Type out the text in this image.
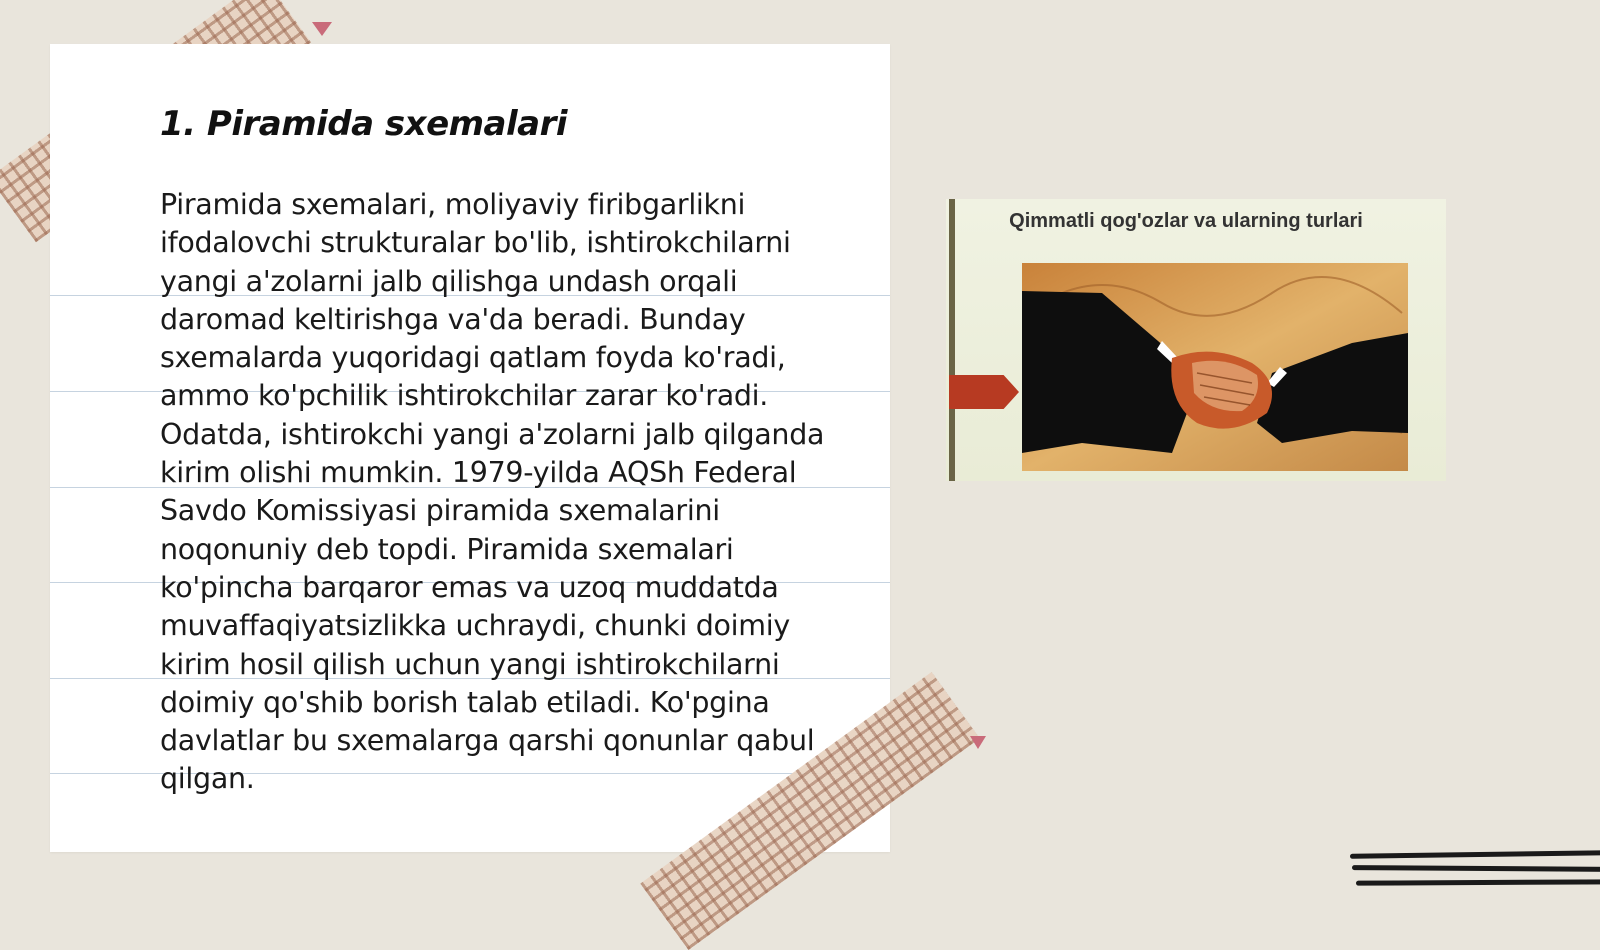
1. Piramida sxemalari

Piramida sxemalari, moliyaviy firibgarlikni ifodalovchi strukturalar bo'lib, ishtirokchilarni yangi a'zolarni jalb qilishga undash orqali daromad keltirishga va'da beradi. Bunday sxemalarda yuqoridagi qatlam foyda ko'radi, ammo ko'pchilik ishtirokchilar zarar ko'radi. Odatda, ishtirokchi yangi a'zolarni jalb qilganda kirim olishi mumkin. 1979-yilda AQSh Federal Savdo Komissiyasi piramida sxemalarini noqonuniy deb topdi. Piramida sxemalari ko'pincha barqaror emas va uzoq muddatda muvaffaqiyatsizlikka uchraydi, chunki doimiy kirim hosil qilish uchun yangi ishtirokchilarni doimiy qo'shib borish talab etiladi. Ko'pgina davlatlar bu sxemalarga qarshi qonunlar qabul qilgan.

Qimmatli qog'ozlar va ularning turlari
